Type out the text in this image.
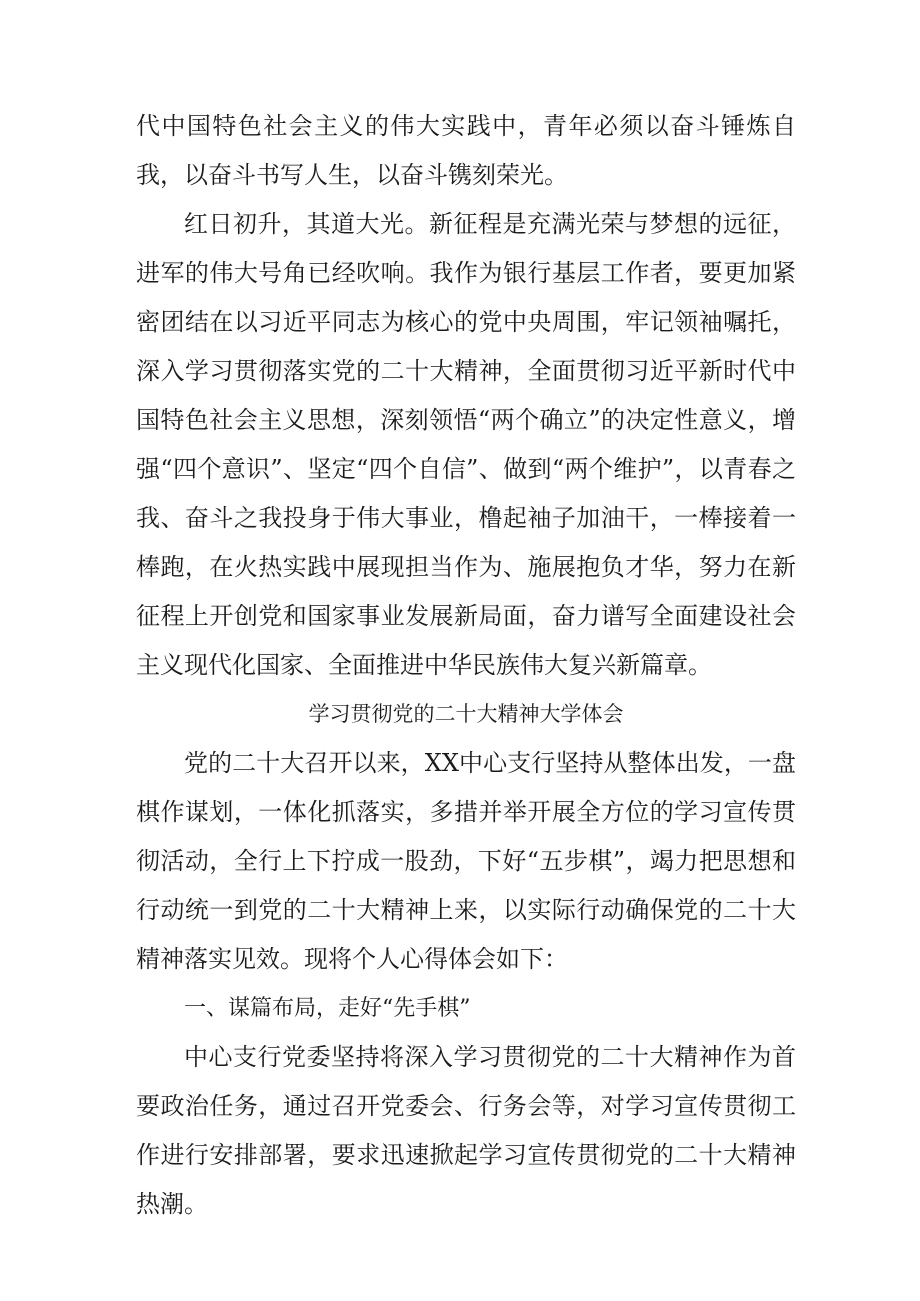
代中国特色社会主义的伟大实践中，青年必须以奋斗锤炼自我，以奋斗书写人生，以奋斗镌刻荣光。

红日初升，其道大光。新征程是充满光荣与梦想的远征，进军的伟大号角已经吹响。我作为银行基层工作者，要更加紧密团结在以习近平同志为核心的党中央周围，牢记领袖嘱托，深入学习贯彻落实党的二十大精神，全面贯彻习近平新时代中国特色社会主义思想，深刻领悟“两个确立”的决定性意义，增强“四个意识”、坚定“四个自信”、做到“两个维护”，以青春之我、奋斗之我投身于伟大事业，橹起袖子加油干，一棒接着一棒跑，在火热实践中展现担当作为、施展抱负才华，努力在新征程上开创党和国家事业发展新局面，奋力谱写全面建设社会主义现代化国家、全面推进中华民族伟大复兴新篇章。

学习贯彻党的二十大精神大学体会

党的二十大召开以来，XX中心支行坚持从整体出发，一盘棋作谋划，一体化抓落实，多措并举开展全方位的学习宣传贯彻活动，全行上下拧成一股劲，下好“五步棋”，竭力把思想和行动统一到党的二十大精神上来，以实际行动确保党的二十大精神落实见效。现将个人心得体会如下：

一、谋篇布局，走好“先手棋”

中心支行党委坚持将深入学习贯彻党的二十大精神作为首要政治任务，通过召开党委会、行务会等，对学习宣传贯彻工作进行安排部署，要求迅速掀起学习宣传贯彻党的二十大精神热潮。
